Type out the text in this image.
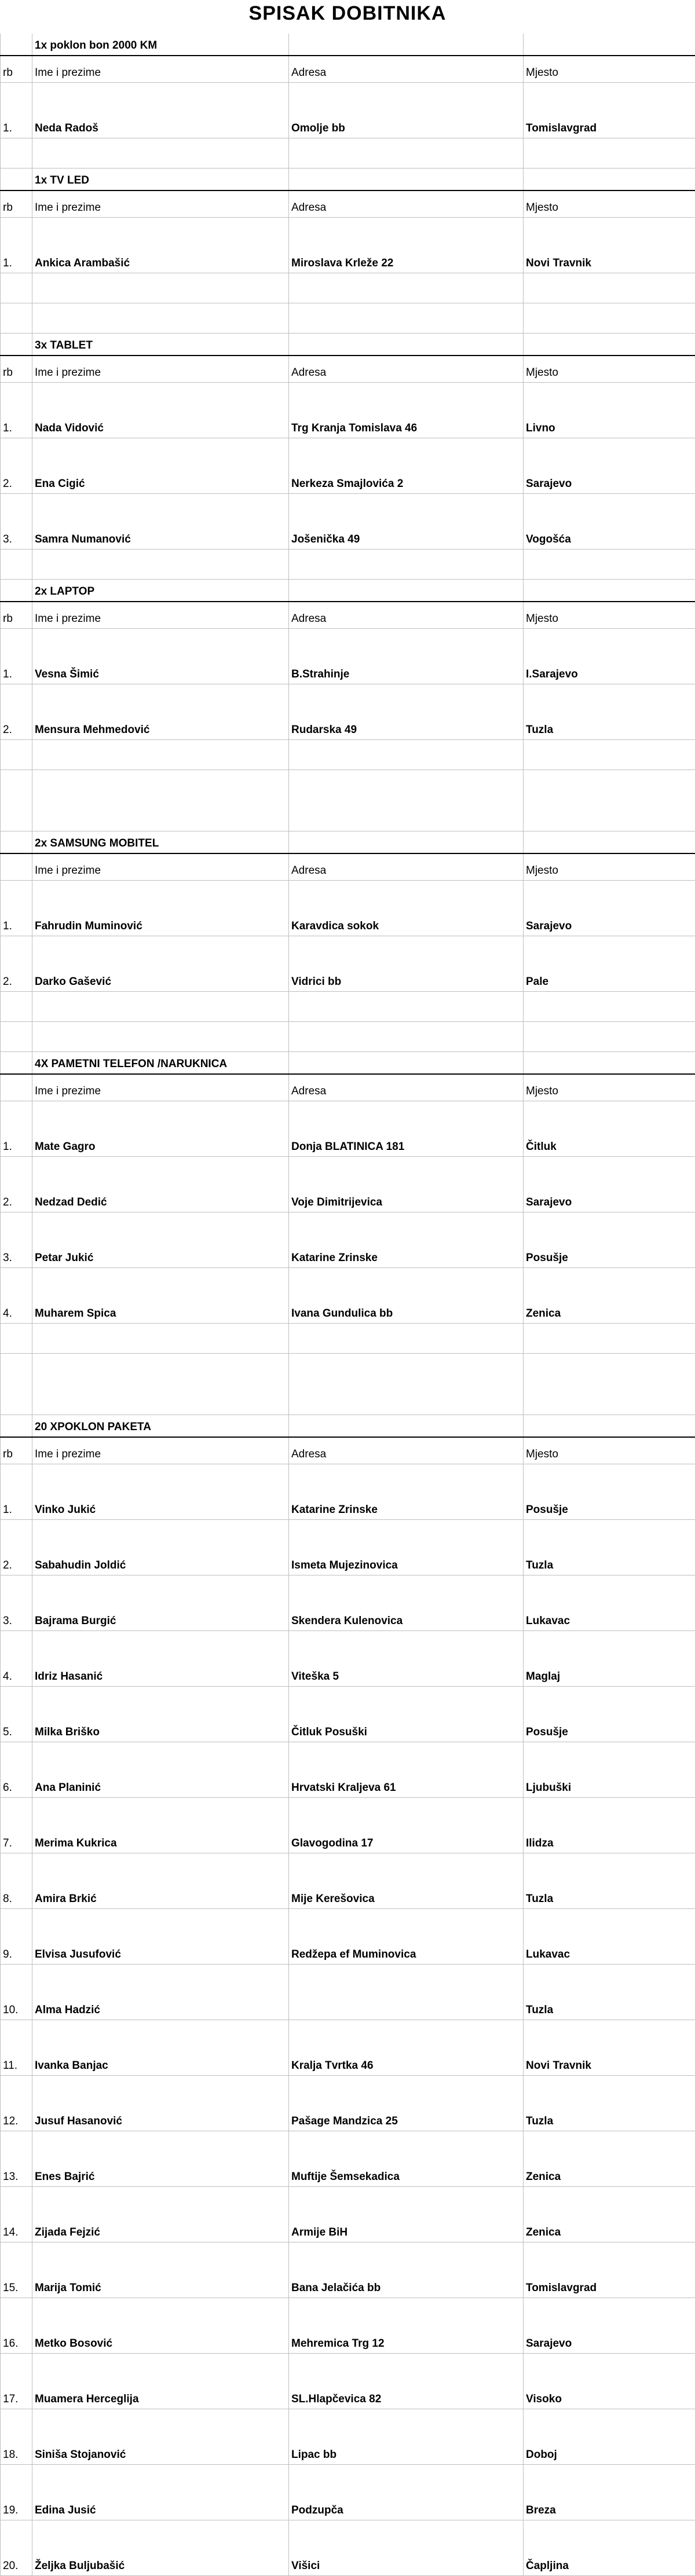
SPISAK DOBITNIKA
	1x poklon bon 2000 KM		
rb	Ime i prezime	Adresa	Mjesto
1.	Neda Radoš	Omolje bb	Tomislavgrad

	1x TV LED		
rb	Ime i prezime	Adresa	Mjesto
1.	Ankica Arambašić	Miroslava Krleže 22	Novi Travnik

	3x TABLET		
rb	Ime i prezime	Adresa	Mjesto
1.	Nada Vidović	Trg Kranja Tomislava 46	Livno
2.	Ena Cigić	Nerkeza Smajlovića 2	Sarajevo
3.	Samra Numanović	Jošenička 49	Vogošća

	2x LAPTOP		
rb	Ime i prezime	Adresa	Mjesto
1.	Vesna Šimić	B.Strahinje	I.Sarajevo
2.	Mensura Mehmedović	Rudarska 49	Tuzla

	2x SAMSUNG MOBITEL		
	Ime i prezime	Adresa	Mjesto
1.	Fahrudin Muminović	Karavdica sokok	Sarajevo
2.	Darko Gašević	Vidrici bb	Pale

	4X PAMETNI TELEFON /NARUKNICA		
	Ime i prezime	Adresa	Mjesto
1.	Mate Gagro	Donja BLATINICA 181	Čitluk
2.	Nedzad Dedić	Voje Dimitrijevica	Sarajevo
3.	Petar Jukić	Katarine Zrinske	Posušje
4.	Muharem Spica	Ivana Gundulica bb	Zenica

	20 XPOKLON PAKETA		
rb	Ime i prezime	Adresa	Mjesto
1.	Vinko Jukić	Katarine Zrinske	Posušje
2.	Sabahudin Joldić	Ismeta Mujezinovica	Tuzla
3.	Bajrama Burgić	Skendera Kulenovica	Lukavac
4.	Idriz Hasanić	Viteška 5	Maglaj
5.	Milka Briško	Čitluk Posuški	Posušje
6.	Ana Planinić	Hrvatski Kraljeva 61	Ljubuški
7.	Merima Kukrica	Glavogodina 17	Ilidza
8.	Amira Brkić	Mije Kerešovica	Tuzla
9.	Elvisa Jusufović	Redžepa ef Muminovica	Lukavac
10.	Alma Hadzić		Tuzla
11.	Ivanka Banjac	Kralja Tvrtka 46	Novi Travnik
12.	Jusuf Hasanović	Pašage Mandzica 25	Tuzla
13.	Enes Bajrić	Muftije Šemsekadica	Zenica
14.	Zijada Fejzić	Armije BiH	Zenica
15.	Marija Tomić	Bana Jelačića bb	Tomislavgrad
16.	Metko Bosović	Mehremica Trg 12	Sarajevo
17.	Muamera Herceglija	SL.Hlapčevica 82	Visoko
18.	Siniša Stojanović	Lipac bb	Doboj
19.	Edina Jusić	Podzupča	Breza
20.	Željka Buljubašić	Višici	Čapljina
